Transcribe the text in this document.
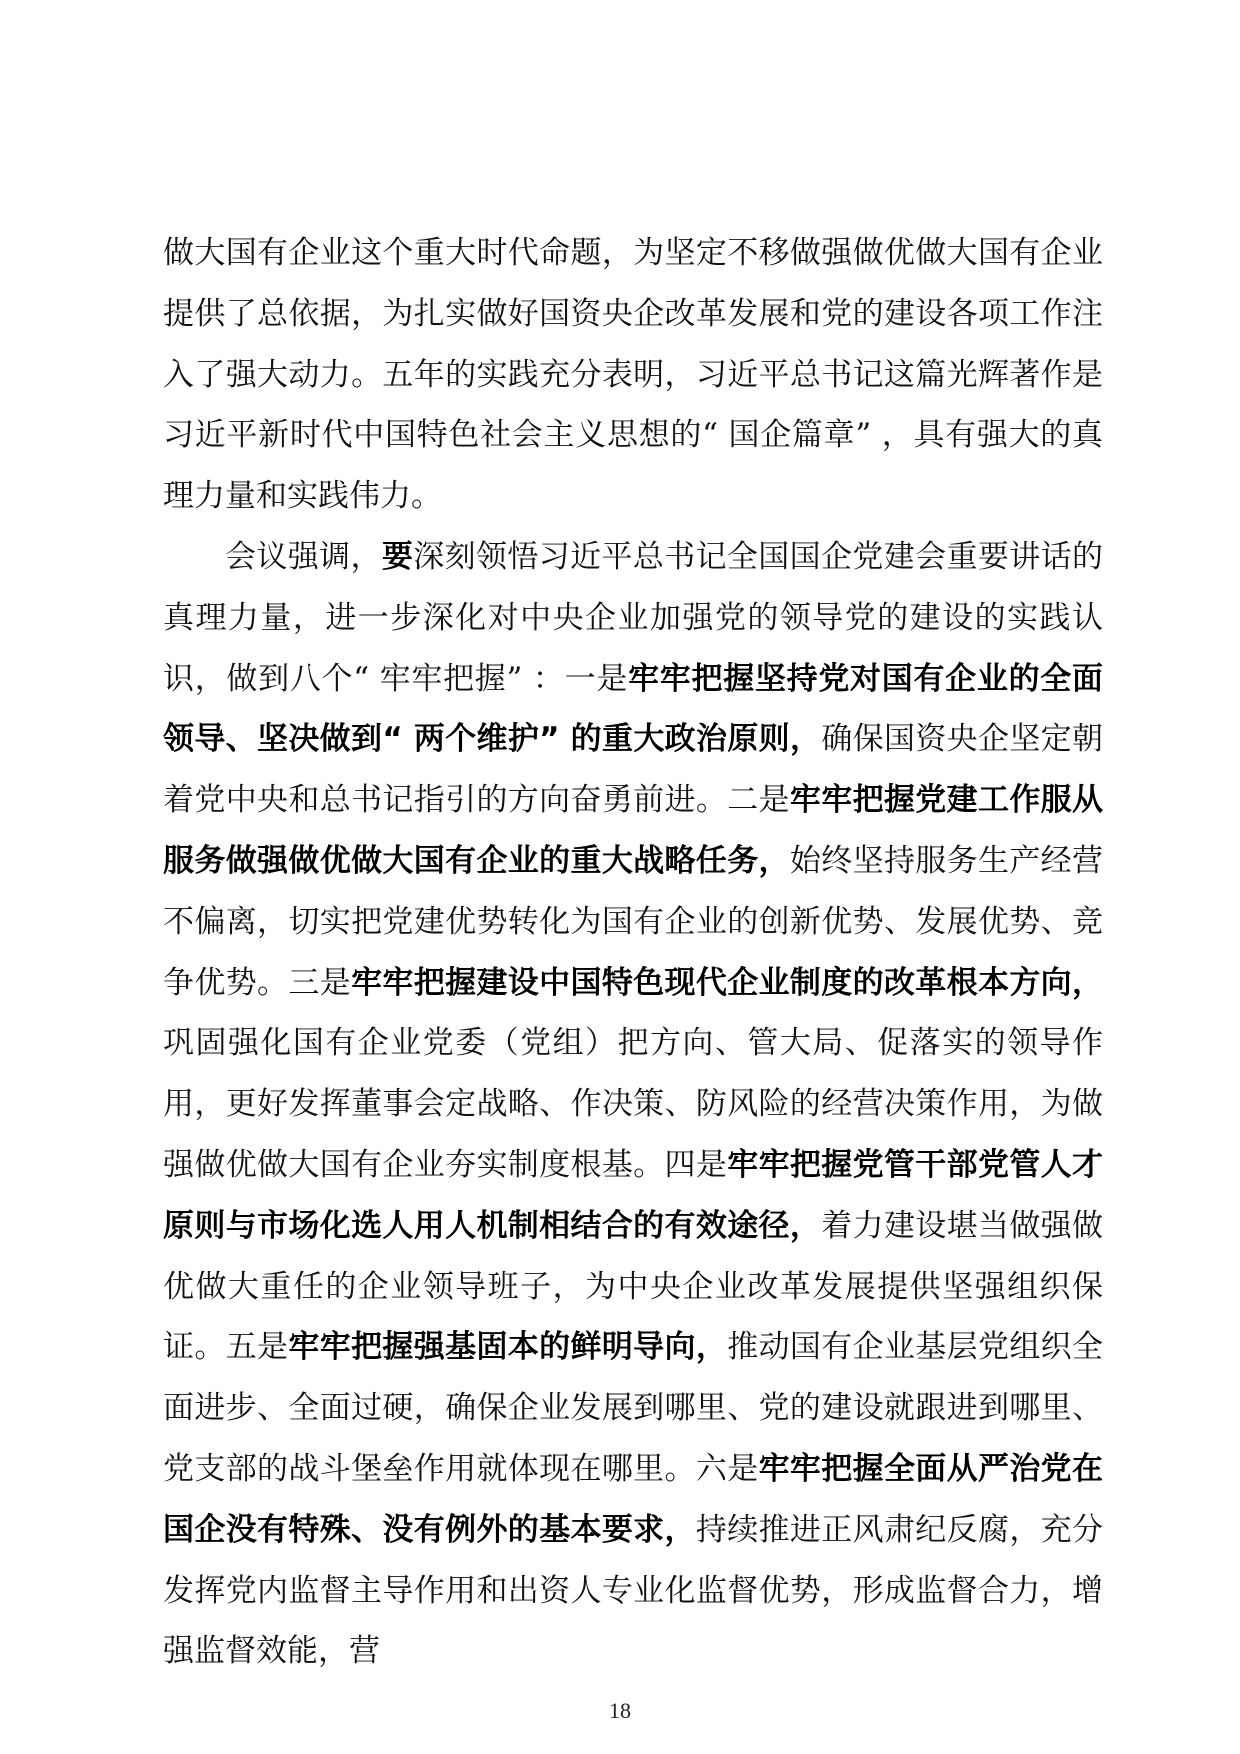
做大国有企业这个重大时代命题，为坚定不移做强做优做大国有企业提供了总依据，为扎实做好国资央企改革发展和党的建设各项工作注入了强大动力。五年的实践充分表明，习近平总书记这篇光辉著作是习近平新时代中国特色社会主义思想的“ 国企篇章” ，具有强大的真理力量和实践伟力。

会议强调，要深刻领悟习近平总书记全国国企党建会重要讲话的真理力量，进一步深化对中央企业加强党的领导党的建设的实践认识，做到八个“ 牢牢把握” ：一是牢牢把握坚持党对国有企业的全面领导、坚决做到“ 两个维护” 的重大政治原则，确保国资央企坚定朝着党中央和总书记指引的方向奋勇前进。二是牢牢把握党建工作服从服务做强做优做大国有企业的重大战略任务，始终坚持服务生产经营不偏离，切实把党建优势转化为国有企业的创新优势、发展优势、竞争优势。三是牢牢把握建设中国特色现代企业制度的改革根本方向，巩固强化国有企业党委（党组）把方向、管大局、促落实的领导作用，更好发挥董事会定战略、作决策、防风险的经营决策作用，为做强做优做大国有企业夯实制度根基。四是牢牢把握党管干部党管人才原则与市场化选人用人机制相结合的有效途径，着力建设堪当做强做优做大重任的企业领导班子，为中央企业改革发展提供坚强组织保证。五是牢牢把握强基固本的鲜明导向，推动国有企业基层党组织全面进步、全面过硬，确保企业发展到哪里、党的建设就跟进到哪里、党支部的战斗堡垒作用就体现在哪里。六是牢牢把握全面从严治党在国企没有特殊、没有例外的基本要求，持续推进正风肃纪反腐，充分发挥党内监督主导作用和出资人专业化监督优势，形成监督合力，增强监督效能，营

18
